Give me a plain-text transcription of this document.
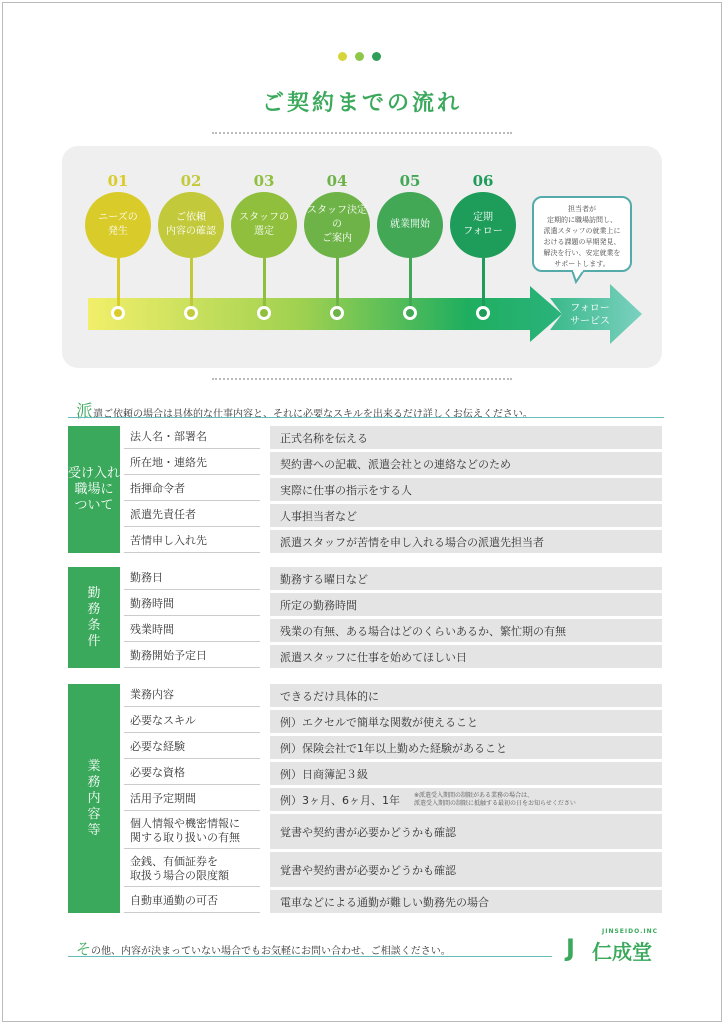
ご契約までの流れ
01
ニーズの
発生
02
ご依頼
内容の確認
03
スタッフの
選定
04
スタッフ決定の
ご案内
05
就業開始
06
定期
フォロー
担当者が
定期的に職場訪問し、
派遣スタッフの就業上に
おける課題の早期発見、
解決を行い、安定就業を
サポートします。
フォロー
サービス
派遣ご依頼の場合は具体的な仕事内容と、それに必要なスキルを出来るだけ詳しくお伝えください。
受け入れ
職場に
ついて
法人名・部署名	正式名称を伝える
所在地・連絡先	契約書への記載、派遣会社との連絡などのため
指揮命令者	実際に仕事の指示をする人
派遣先責任者	人事担当者など
苦情申し入れ先	派遣スタッフが苦情を申し入れる場合の派遣先担当者
勤
務
条
件
勤務日	勤務する曜日など
勤務時間	所定の勤務時間
残業時間	残業の有無、ある場合はどのくらいあるか、繁忙期の有無
勤務開始予定日	派遣スタッフに仕事を始めてほしい日
業
務
内
容
等
業務内容	できるだけ具体的に
必要なスキル	例）エクセルで簡単な関数が使えること
必要な経験	例）保険会社で1年以上勤めた経験があること
必要な資格	例）日商簿記３級
活用予定期間	例）3ヶ月、6ヶ月、1年 ※派遣受入期間の制限がある業務の場合は、
派遣受入期間の制限に抵触する最初の日をお知らせください
個人情報や機密情報に
関する取り扱いの有無	覚書や契約書が必要かどうかも確認
金銭、有価証券を
取扱う場合の限度額	覚書や契約書が必要かどうかも確認
自動車通勤の可否	電車などによる通勤が難しい勤務先の場合
その他、内容が決まっていない場合でもお気軽にお問い合わせ、ご相談ください。	J
JINSEIDO.INC
仁成堂
